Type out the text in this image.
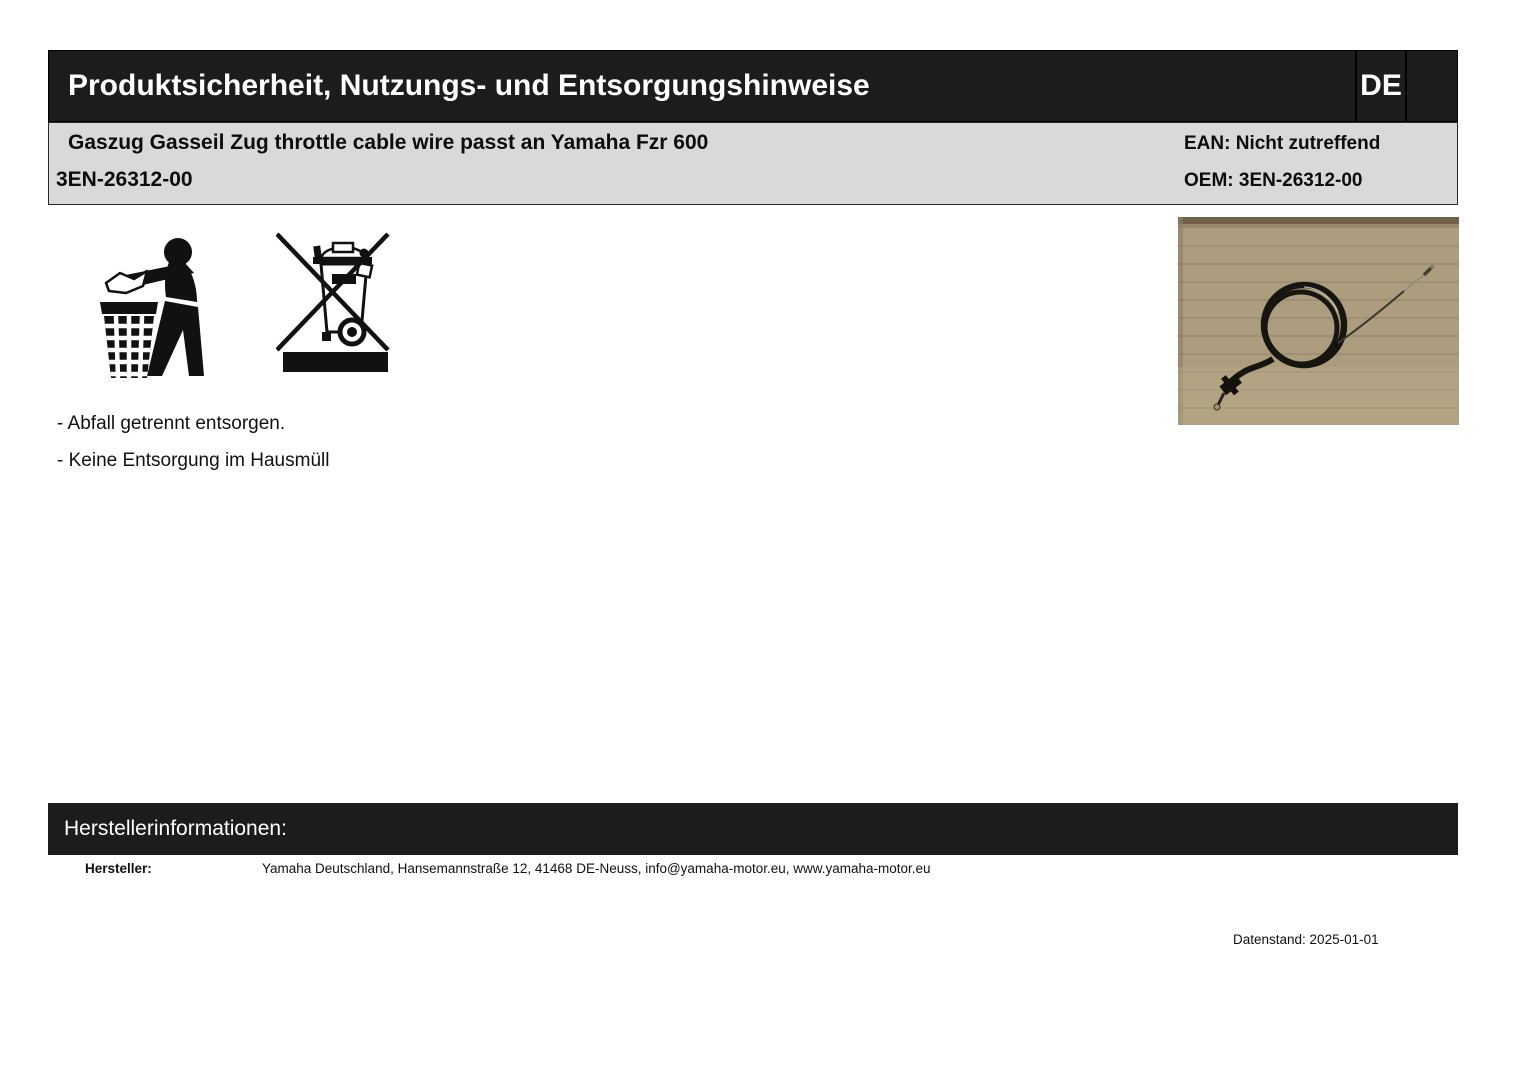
Produktsicherheit, Nutzungs- und Entsorgungshinweise	DE
Gaszug Gasseil Zug throttle cable wire passt an Yamaha Fzr 600
3EN-26312-00
EAN: Nicht zutreffend
OEM: 3EN-26312-00
- Abfall getrennt entsorgen.
- Keine Entsorgung im Hausmüll
Herstellerinformationen:
Hersteller:	Yamaha Deutschland, Hansemannstraße 12, 41468 DE-Neuss, info@yamaha-motor.eu, www.yamaha-motor.eu
Datenstand: 2025-01-01
